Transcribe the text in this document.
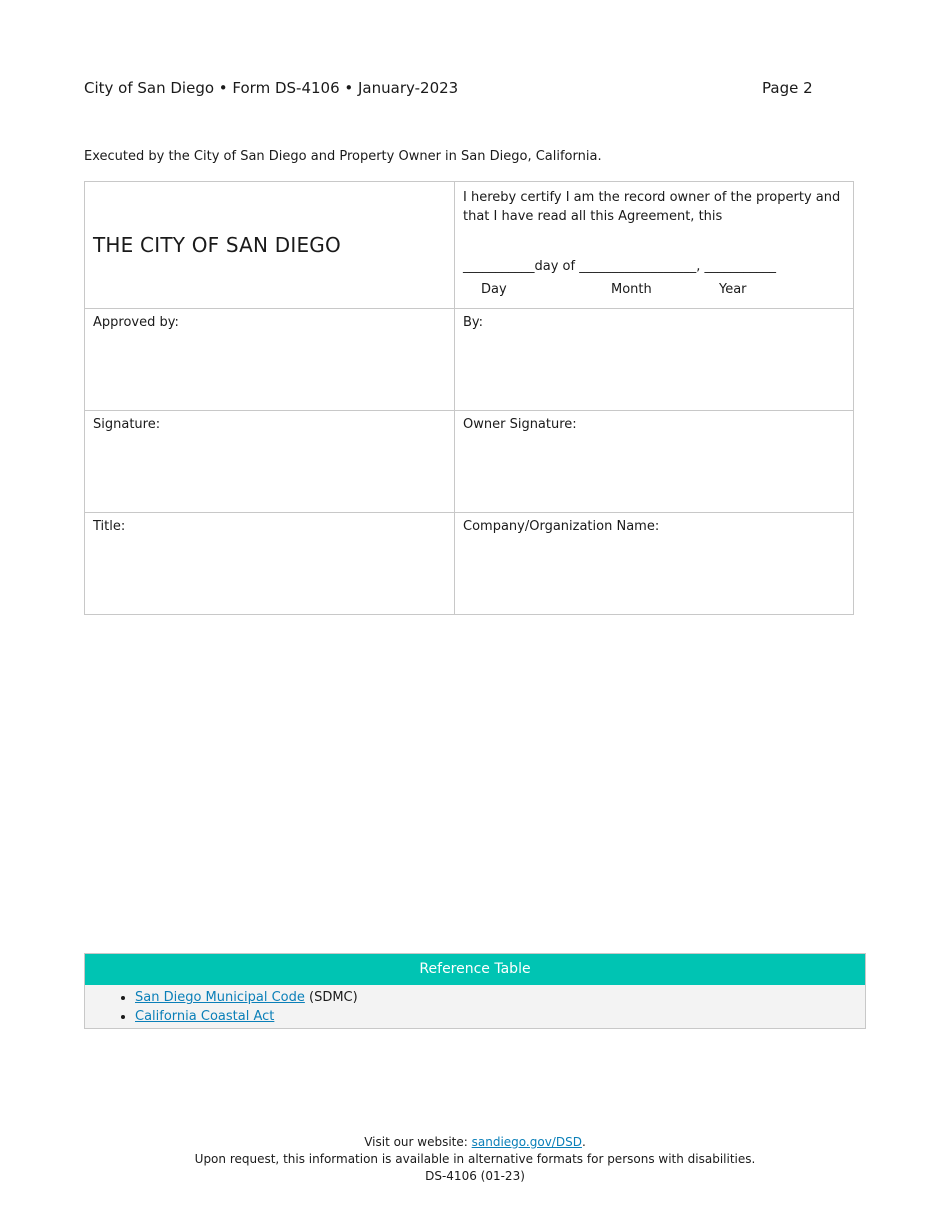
City of San Diego • Form DS-4106 • January-2023	Page 2
Executed by the City of San Diego and Property Owner in San Diego, California.
THE CITY OF SAN DIEGO	I hereby certify I am the record owner of the property and that I have read all this Agreement, this
___________day of __________________, ___________
Day Month Year

Approved by:	By:
Signature:	Owner Signature:
Title:	Company/Organization Name:
Reference Table
• San Diego Municipal Code (SDMC)
• California Coastal Act
Visit our website: sandiego.gov/DSD.
Upon request, this information is available in alternative formats for persons with disabilities.
DS-4106 (01-23)
